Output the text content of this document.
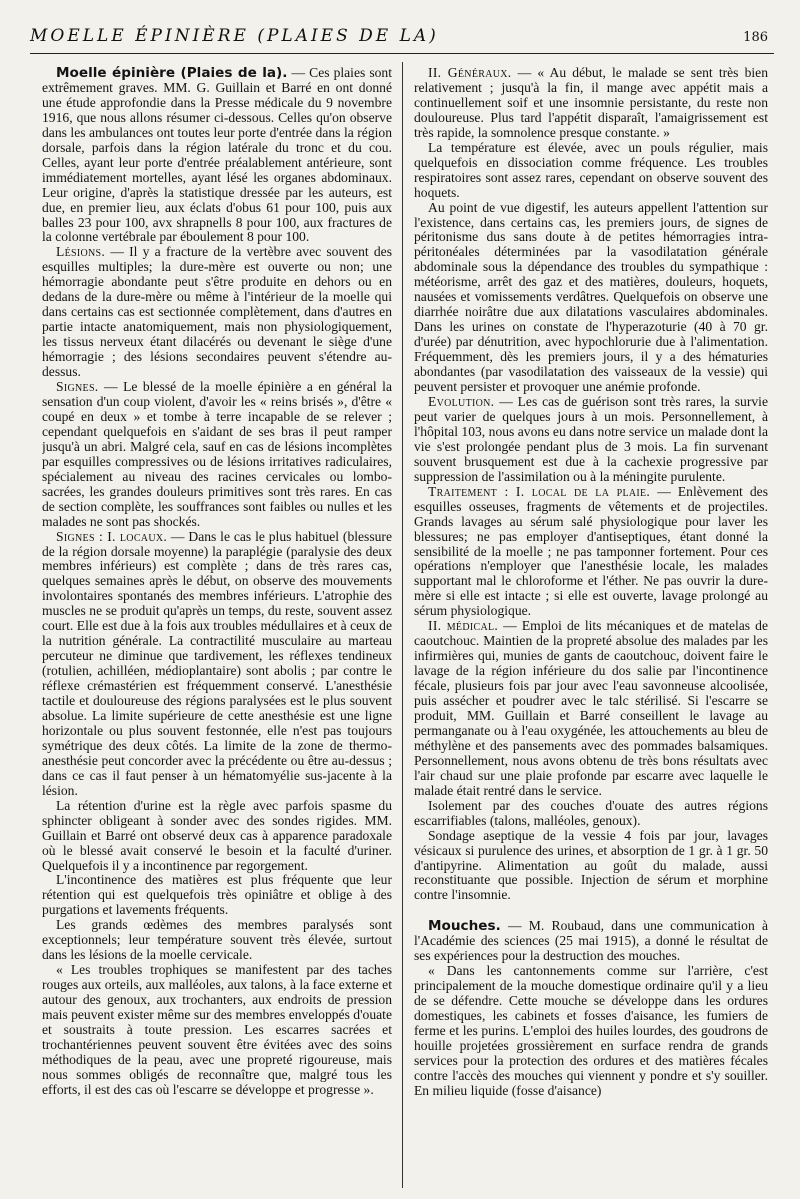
MOELLE ÉPINIÈRE (PLAIES DE LA)	186

Moelle épinière (Plaies de la). — Ces plaies sont extrêmement graves. MM. G. Guillain et Barré en ont donné une étude approfondie dans la Presse médicale du 9 novembre 1916, que nous allons résumer ci-dessous. Celles qu'on observe dans les ambulances ont toutes leur porte d'entrée dans la région dorsale, parfois dans la région latérale du tronc et du cou. Celles, ayant leur porte d'entrée préalablement antérieure, sont immédiatement mortelles, ayant lésé les organes abdominaux. Leur origine, d'après la statistique dressée par les auteurs, est due, en premier lieu, aux éclats d'obus 61 pour 100, puis aux balles 23 pour 100, avx shrapnells 8 pour 100, aux fractures de la colonne vertébrale par éboulement 8 pour 100.

Lésions. — Il y a fracture de la vertèbre avec souvent des esquilles multiples; la dure-mère est ouverte ou non; une hémorragie abondante peut s'être produite en dehors ou en dedans de la dure-mère ou même à l'intérieur de la moelle qui dans certains cas est sectionnée complètement, dans d'autres en partie intacte anatomiquement, mais non physiologiquement, les tissus nerveux étant dilacérés ou devenant le siège d'une hémorragie ; des lésions secondaires peuvent s'étendre au-dessus.

Signes. — Le blessé de la moelle épinière a en général la sensation d'un coup violent, d'avoir les « reins brisés », d'être « coupé en deux » et tombe à terre incapable de se relever ; cependant quelquefois en s'aidant de ses bras il peut ramper jusqu'à un abri. Malgré cela, sauf en cas de lésions incomplètes par esquilles compressives ou de lésions irritatives radiculaires, spécialement au niveau des racines cervicales ou lombo-sacrées, les grandes douleurs primitives sont très rares. En cas de section complète, les souffrances sont faibles ou nulles et les malades ne sont pas shockés.

Signes : I. locaux. — Dans le cas le plus habituel (blessure de la région dorsale moyenne) la paraplégie (paralysie des deux membres inférieurs) est complète ; dans de très rares cas, quelques semaines après le début, on observe des mouvements involontaires spontanés des membres inférieurs. L'atrophie des muscles ne se produit qu'après un temps, du reste, souvent assez court. Elle est due à la fois aux troubles médullaires et à ceux de la nutrition générale. La contractilité musculaire au marteau percuteur ne diminue que tardivement, les réflexes tendineux (rotulien, achilléen, médioplantaire) sont abolis ; par contre le réflexe crémastérien est fréquemment conservé. L'anesthésie tactile et douloureuse des régions paralysées est le plus souvent absolue. La limite supérieure de cette anesthésie est une ligne horizontale ou plus souvent festonnée, elle n'est pas toujours symétrique des deux côtés. La limite de la zone de thermo-anesthésie peut concorder avec la précédente ou être au-dessus ; dans ce cas il faut penser à un hématomyélie sus-jacente à la lésion.

La rétention d'urine est la règle avec parfois spasme du sphincter obligeant à sonder avec des sondes rigides. MM. Guillain et Barré ont observé deux cas à apparence paradoxale où le blessé avait conservé le besoin et la faculté d'uriner. Quelquefois il y a incontinence par regorgement.

L'incontinence des matières est plus fréquente que leur rétention qui est quelquefois très opiniâtre et oblige à des purgations et lavements fréquents.

Les grands œdèmes des membres paralysés sont exceptionnels; leur température souvent très élevée, surtout dans les lésions de la moelle cervicale.

« Les troubles trophiques se manifestent par des taches rouges aux orteils, aux malléoles, aux talons, à la face externe et autour des genoux, aux trochanters, aux endroits de pression mais peuvent exister même sur des membres enveloppés d'ouate et soustraits à toute pression. Les escarres sacrées et trochantériennes peuvent souvent être évitées avec des soins méthodiques de la peau, avec une propreté rigoureuse, mais nous sommes obligés de reconnaître que, malgré tous les efforts, il est des cas où l'escarre se développe et progresse ».

II. Généraux. — « Au début, le malade se sent très bien relativement ; jusqu'à la fin, il mange avec appétit mais a continuellement soif et une insomnie persistante, du reste non douloureuse. Plus tard l'appétit disparaît, l'amaigrissement est très rapide, la somnolence presque constante. »

La température est élevée, avec un pouls régulier, mais quelquefois en dissociation comme fréquence. Les troubles respiratoires sont assez rares, cependant on observe souvent des hoquets.

Au point de vue digestif, les auteurs appellent l'attention sur l'existence, dans certains cas, les premiers jours, de signes de péritonisme dus sans doute à de petites hémorragies intra-péritonéales déterminées par la vasodilatation générale abdominale sous la dépendance des troubles du sympathique : météorisme, arrêt des gaz et des matières, douleurs, hoquets, nausées et vomissements verdâtres. Quelquefois on observe une diarrhée noirâtre due aux dilatations vasculaires abdominales. Dans les urines on constate de l'hyperazoturie (40 à 70 gr. d'urée) par dénutrition, avec hypochlorurie due à l'alimentation. Fréquemment, dès les premiers jours, il y a des hématuries abondantes (par vasodilatation des vaisseaux de la vessie) qui peuvent persister et provoquer une anémie profonde.

Evolution. — Les cas de guérison sont très rares, la survie peut varier de quelques jours à un mois. Personnellement, à l'hôpital 103, nous avons eu dans notre service un malade dont la vie s'est prolongée pendant plus de 3 mois. La fin survenant souvent brusquement est due à la cachexie progressive par suppression de l'assimilation ou à la méningite purulente.

Traitement : I. local de la plaie. — Enlèvement des esquilles osseuses, fragments de vêtements et de projectiles. Grands lavages au sérum salé physiologique pour laver les blessures; ne pas employer d'antiseptiques, étant donné la sensibilité de la moelle ; ne pas tamponner fortement. Pour ces opérations n'employer que l'anesthésie locale, les malades supportant mal le chloroforme et l'éther. Ne pas ouvrir la dure-mère si elle est intacte ; si elle est ouverte, lavage prolongé au sérum physiologique.

II. médical. — Emploi de lits mécaniques et de matelas de caoutchouc. Maintien de la propreté absolue des malades par les infirmières qui, munies de gants de caoutchouc, doivent faire le lavage de la région inférieure du dos salie par l'incontinence fécale, plusieurs fois par jour avec l'eau savonneuse alcoolisée, puis assécher et poudrer avec le talc stérilisé. Si l'escarre se produit, MM. Guillain et Barré conseillent le lavage au permanganate ou à l'eau oxygénée, les attouchements au bleu de méthylène et des pansements avec des pommades balsamiques. Personnellement, nous avons obtenu de très bons résultats avec l'air chaud sur une plaie profonde par escarre avec laquelle le malade était rentré dans le service.

Isolement par des couches d'ouate des autres régions escarrifiables (talons, malléoles, genoux).

Sondage aseptique de la vessie 4 fois par jour, lavages vésicaux si purulence des urines, et absorption de 1 gr. à 1 gr. 50 d'antipyrine. Alimentation au goût du malade, aussi reconstituante que possible. Injection de sérum et morphine contre l'insomnie.

Mouches. — M. Roubaud, dans une communication à l'Académie des sciences (25 mai 1915), a donné le résultat de ses expériences pour la destruction des mouches.

« Dans les cantonnements comme sur l'arrière, c'est principalement de la mouche domestique ordinaire qu'il y a lieu de se défendre. Cette mouche se développe dans les ordures domestiques, les cabinets et fosses d'aisance, les fumiers de ferme et les purins. L'emploi des huiles lourdes, des goudrons de houille projetées grossièrement en surface rendra de grands services pour la protection des ordures et des matières fécales contre l'accès des mouches qui viennent y pondre et s'y souiller. En milieu liquide (fosse d'aisance)
